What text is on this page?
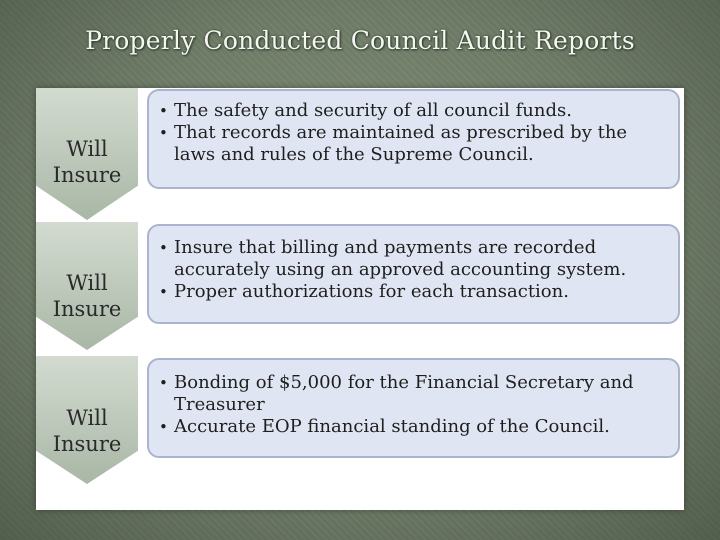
Properly Conducted Council Audit Reports
Will
Insure
• The safety and security of all council funds.
• That records are maintained as prescribed by the laws and rules of the Supreme Council.
Will
Insure
• Insure that billing and payments are recorded accurately using an approved accounting system.
• Proper authorizations for each transaction.
Will
Insure
• Bonding of $5,000 for the Financial Secretary and Treasurer
• Accurate EOP financial standing of the Council.
